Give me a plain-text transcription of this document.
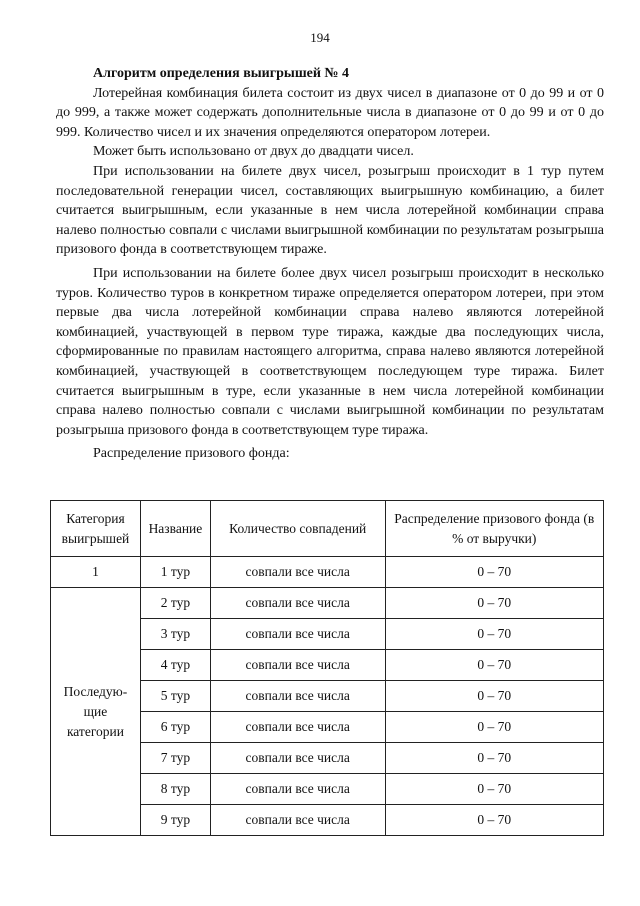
194

Алгоритм определения выигрышей № 4

Лотерейная комбинация билета состоит из двух чисел в диапазоне от 0 до 99 и от 0 до 999, а также может содержать дополнительные числа в диапазоне от 0 до 99 и от 0 до 999. Количество чисел и их значения определяются оператором лотереи.

Может быть использовано от двух до двадцати чисел.

При использовании на билете двух чисел, розыгрыш происходит в 1 тур путем последовательной генерации чисел, составляющих выигрышную комбинацию, а билет считается выигрышным, если указанные в нем числа лотерейной комбинации справа налево полностью совпали с числами выигрышной комбинации по результатам розыгрыша призового фонда в соответствующем тираже.

При использовании на билете более двух чисел розыгрыш происходит в несколько туров. Количество туров в конкретном тираже определяется оператором лотереи, при этом первые два числа лотерейной комбинации справа налево являются лотерейной комбинацией, участвующей в первом туре тиража, каждые два последующих числа, сформированные по правилам настоящего алгоритма, справа налево являются лотерейной комбинацией, участвующей в соответствующем последующем туре тиража. Билет считается выигрышным в туре, если указанные в нем числа лотерейной комбинации справа налево полностью совпали с числами выигрышной комбинации по результатам розыгрыша призового фонда в соответствующем туре тиража.

Распределение призового фонда:

Категория выигрышей	Название	Количество совпадений	Распределение призового фонда (в % от выручки)
1	1 тур	совпали все числа	0 – 70
Последую-щие категории	2 тур	совпали все числа	0 – 70
	3 тур	совпали все числа	0 – 70
	4 тур	совпали все числа	0 – 70
	5 тур	совпали все числа	0 – 70
	6 тур	совпали все числа	0 – 70
	7 тур	совпали все числа	0 – 70
	8 тур	совпали все числа	0 – 70
	9 тур	совпали все числа	0 – 70
